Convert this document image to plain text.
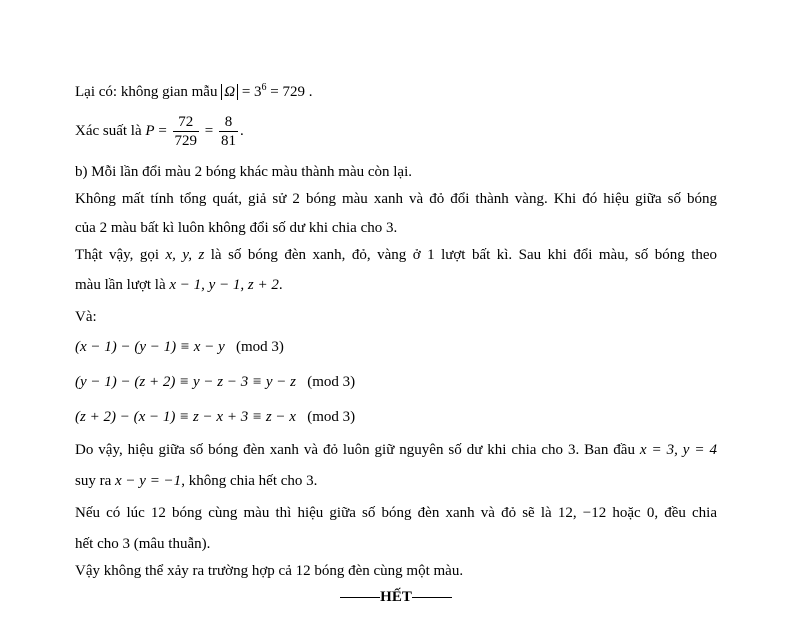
Lại có: không gian mẫu $\Omega = 3^6 = 729$ .
Xác suất là $P = \frac{72}{729} = \frac{8}{81}$ .
b) Mỗi lần đổi màu 2 bóng khác màu thành màu còn lại.
Không mất tính tổng quát, giả sử 2 bóng màu xanh và đỏ đổi thành vàng. Khi đó hiệu giữa số bóng
của 2 màu bất kì luôn không đổi số dư khi chia cho 3.
Thật vậy, gọi x, y, z là số bóng đèn xanh, đỏ, vàng ở 1 lượt bất kì. Sau khi đổi màu, số bóng theo
màu lần lượt là x − 1, y − 1, z + 2.
Và:
(x − 1) − (y − 1) ≡ x − y (mod 3)
(y − 1) − (z + 2) ≡ y − z − 3 ≡ y − z (mod 3)
(z + 2) − (x − 1) ≡ z − x + 3 ≡ z − x (mod 3)
Do vậy, hiệu giữa số bóng đèn xanh và đỏ luôn giữ nguyên số dư khi chia cho 3. Ban đầu x = 3, y = 4
suy ra x − y = −1, không chia hết cho 3.
Nếu có lúc 12 bóng cùng màu thì hiệu giữa số bóng đèn xanh và đỏ sẽ là 12, −12 hoặc 0, đều chia
hết cho 3 (mâu thuẫn).
Vậy không thể xảy ra trường hợp cả 12 bóng đèn cùng một màu.
HẾT
